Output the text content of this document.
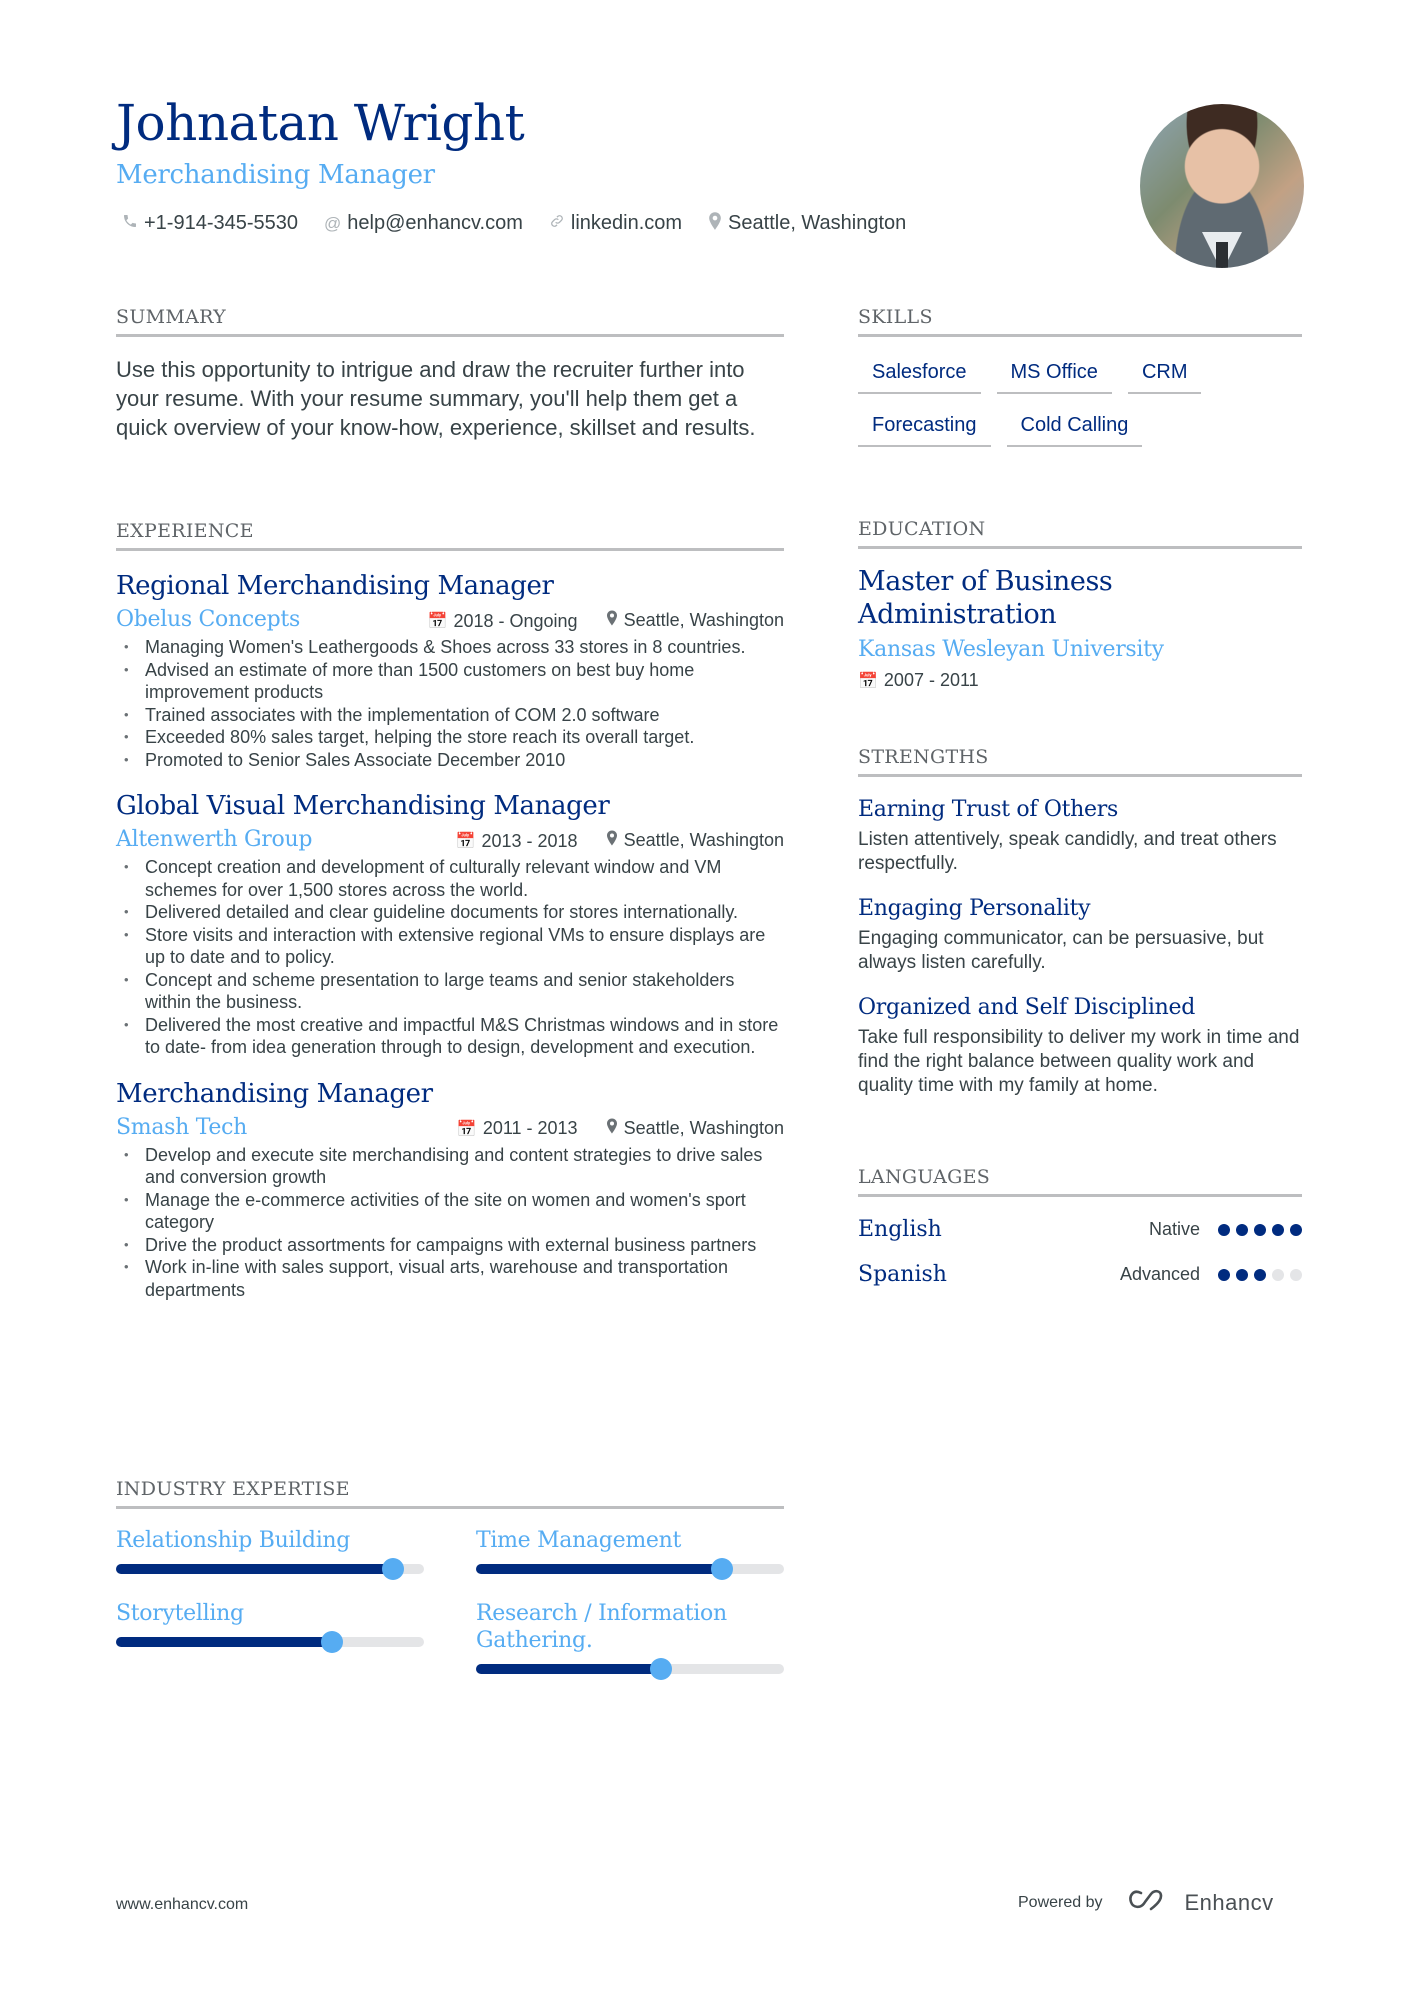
Johnatan Wright
Merchandising Manager
+1-914-345-5530 @ help@enhancv.com linkedin.com Seattle, Washington
SUMMARY
Use this opportunity to intrigue and draw the recruiter further into your resume. With your resume summary, you'll help them get a quick overview of your know-how, experience, skillset and results.
EXPERIENCE
Regional Merchandising Manager
Obelus Concepts	📅 2018 - Ongoing	Seattle, Washington
• Managing Women's Leathergoods & Shoes across 33 stores in 8 countries.
• Advised an estimate of more than 1500 customers on best buy home improvement products
• Trained associates with the implementation of COM 2.0 software
• Exceeded 80% sales target, helping the store reach its overall target.
• Promoted to Senior Sales Associate December 2010
Global Visual Merchandising Manager
Altenwerth Group	📅 2013 - 2018	Seattle, Washington
• Concept creation and development of culturally relevant window and VM schemes for over 1,500 stores across the world.
• Delivered detailed and clear guideline documents for stores internationally.
• Store visits and interaction with extensive regional VMs to ensure displays are up to date and to policy.
• Concept and scheme presentation to large teams and senior stakeholders within the business.
• Delivered the most creative and impactful M&S Christmas windows and in store to date- from idea generation through to design, development and execution.
Merchandising Manager
Smash Tech	📅 2011 - 2013	Seattle, Washington
• Develop and execute site merchandising and content strategies to drive sales and conversion growth
• Manage the e-commerce activities of the site on women and women's sport category
• Drive the product assortments for campaigns with external business partners
• Work in-line with sales support, visual arts, warehouse and transportation departments
INDUSTRY EXPERTISE
Relationship Building	Time Management
Storytelling	Research / Information Gathering.
SKILLS
Salesforce	MS Office	CRM
Forecasting	Cold Calling
EDUCATION
Master of Business Administration
Kansas Wesleyan University
📅 2007 - 2011
STRENGTHS
Earning Trust of Others
Listen attentively, speak candidly, and treat others respectfully.
Engaging Personality
Engaging communicator, can be persuasive, but always listen carefully.
Organized and Self Disciplined
Take full responsibility to deliver my work in time and find the right balance between quality work and quality time with my family at home.
LANGUAGES
English	Native
Spanish	Advanced
www.enhancv.com	Powered by	Enhancv
